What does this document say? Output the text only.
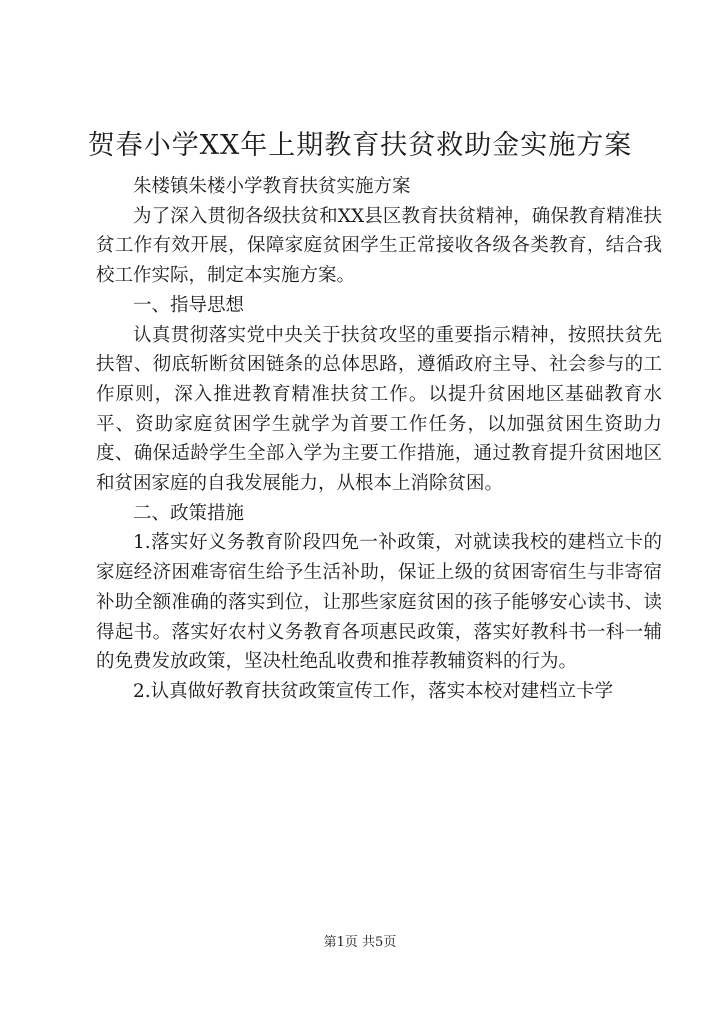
贺春小学XX年上期教育扶贫救助金实施方案

朱楼镇朱楼小学教育扶贫实施方案

为了深入贯彻各级扶贫和XX县区教育扶贫精神，确保教育精准扶贫工作有效开展，保障家庭贫困学生正常接收各级各类教育，结合我校工作实际，制定本实施方案。

一、指导思想

认真贯彻落实党中央关于扶贫攻坚的重要指示精神，按照扶贫先扶智、彻底斩断贫困链条的总体思路，遵循政府主导、社会参与的工作原则，深入推进教育精准扶贫工作。以提升贫困地区基础教育水平、资助家庭贫困学生就学为首要工作任务，以加强贫困生资助力度、确保适龄学生全部入学为主要工作措施，通过教育提升贫困地区和贫困家庭的自我发展能力，从根本上消除贫困。

二、政策措施

1.落实好义务教育阶段四免一补政策，对就读我校的建档立卡的家庭经济困难寄宿生给予生活补助，保证上级的贫困寄宿生与非寄宿补助全额准确的落实到位，让那些家庭贫困的孩子能够安心读书、读得起书。落实好农村义务教育各项惠民政策，落实好教科书一科一辅的免费发放政策，坚决杜绝乱收费和推荐教辅资料的行为。

2.认真做好教育扶贫政策宣传工作，落实本校对建档立卡学

第1页 共5页
